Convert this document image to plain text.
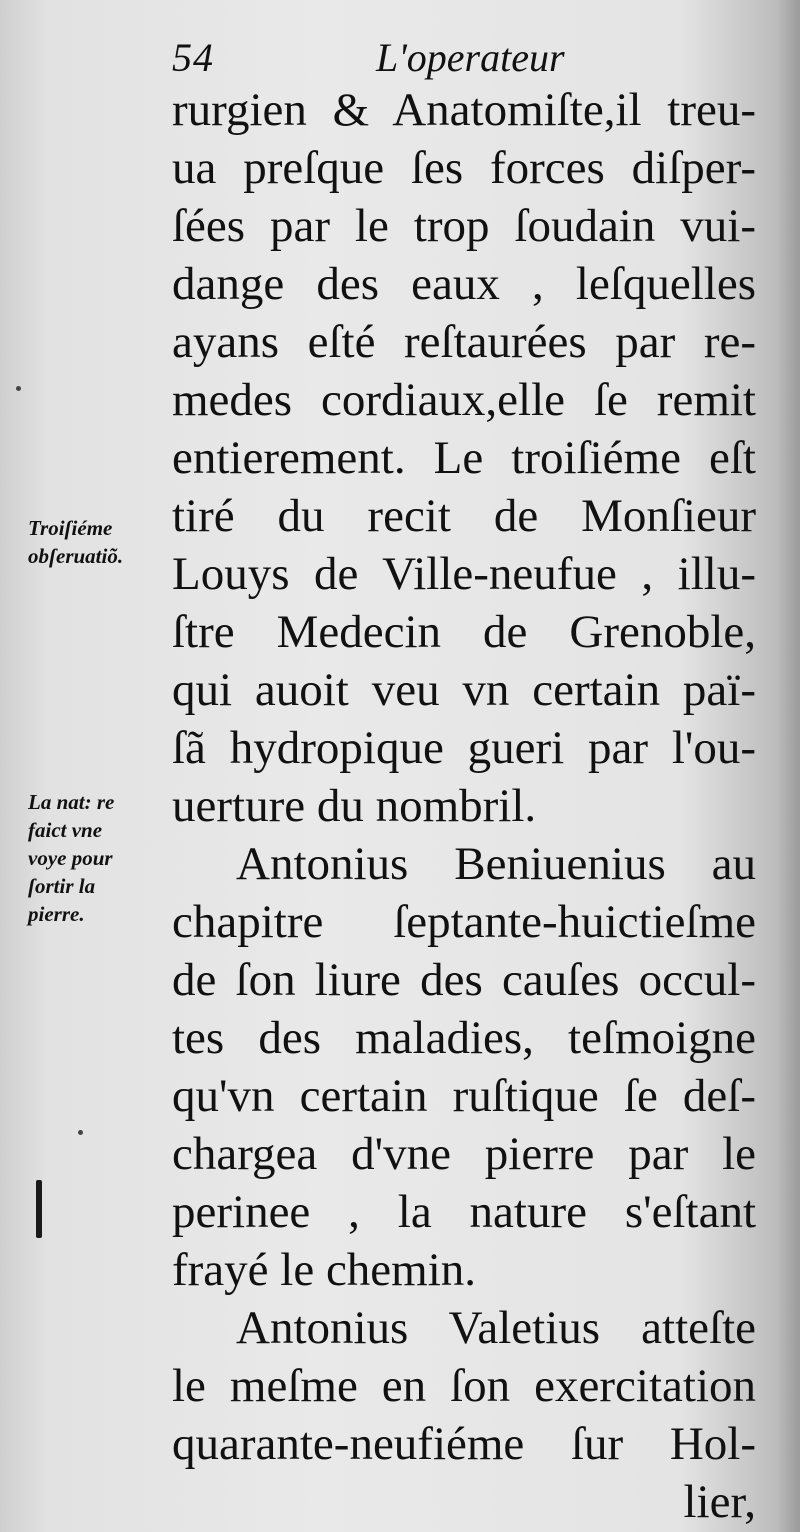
54	L'operateur
rurgien & Anatomiſte,il treu-
ua preſque ſes forces diſper-
ſées par le trop ſoudain vui-
dange des eaux , leſquelles
ayans eſté reſtaurées par re-
medes cordiaux,elle ſe remit
entierement. Le troiſiéme eſt
tiré du recit de Monſieur
Louys de Ville-neufue , illu-
ſtre Medecin de Grenoble,
qui auoit veu vn certain paï-
ſã hydropique gueri par l'ou-
uerture du nombril.
Antonius Beniuenius au
chapitre ſeptante-huictieſme
de ſon liure des cauſes occul-
tes des maladies, teſmoigne
qu'vn certain ruſtique ſe deſ-
chargea d'vne pierre par le
perinee , la nature s'eſtant
frayé le chemin.
Antonius Valetius atteſte
le meſme en ſon exercitation
quarante-neufiéme ſur Hol-
lier,
Troiſiéme
obſeruatiõ.
La nat: re
faict vne
voye pour
ſortir la
pierre.
